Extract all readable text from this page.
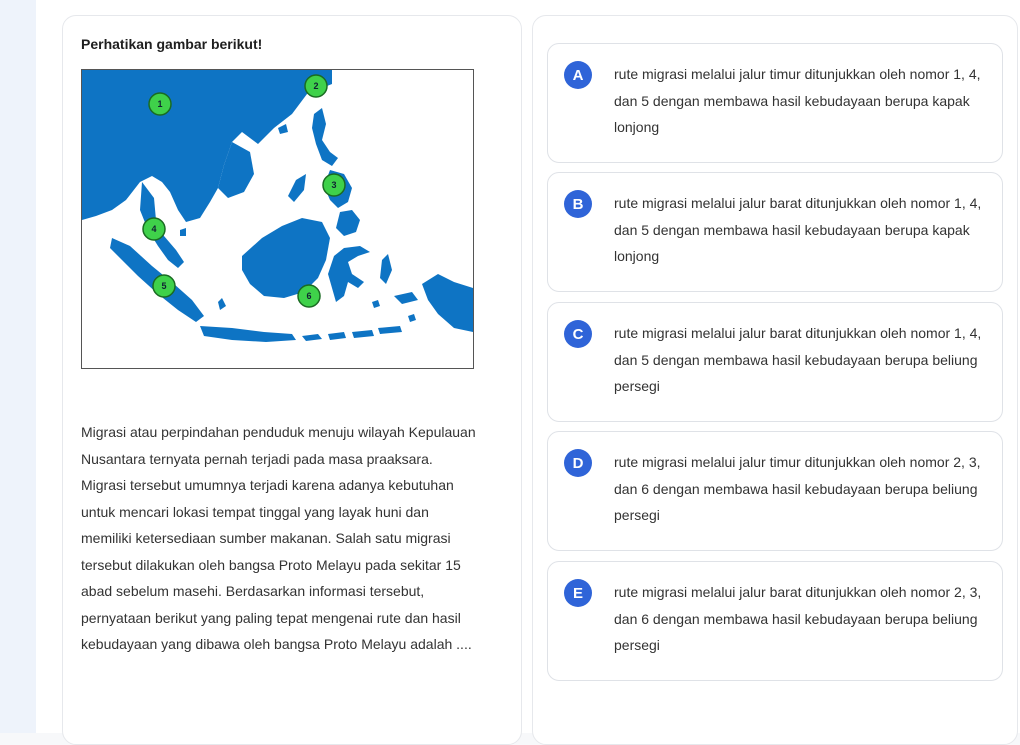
Perhatikan gambar berikut!
1
2
3
4
5
6
Migrasi atau perpindahan penduduk menuju wilayah Kepulauan Nusantara ternyata pernah terjadi pada masa praaksara. Migrasi tersebut umumnya terjadi karena adanya kebutuhan untuk mencari lokasi tempat tinggal yang layak huni dan memiliki ketersediaan sumber makanan. Salah satu migrasi tersebut dilakukan oleh bangsa Proto Melayu pada sekitar 15 abad sebelum masehi. Berdasarkan informasi tersebut, pernyataan berikut yang paling tepat mengenai rute dan hasil kebudayaan yang dibawa oleh bangsa Proto Melayu adalah ....
A	rute migrasi melalui jalur timur ditunjukkan oleh nomor 1, 4, dan 5 dengan membawa hasil kebudayaan berupa kapak lonjong
B	rute migrasi melalui jalur barat ditunjukkan oleh nomor 1, 4, dan 5 dengan membawa hasil kebudayaan berupa kapak lonjong
C	rute migrasi melalui jalur barat ditunjukkan oleh nomor 1, 4, dan 5 dengan membawa hasil kebudayaan berupa beliung persegi
D	rute migrasi melalui jalur timur ditunjukkan oleh nomor 2, 3, dan 6 dengan membawa hasil kebudayaan berupa beliung persegi
E	rute migrasi melalui jalur barat ditunjukkan oleh nomor 2, 3, dan 6 dengan membawa hasil kebudayaan berupa beliung persegi
